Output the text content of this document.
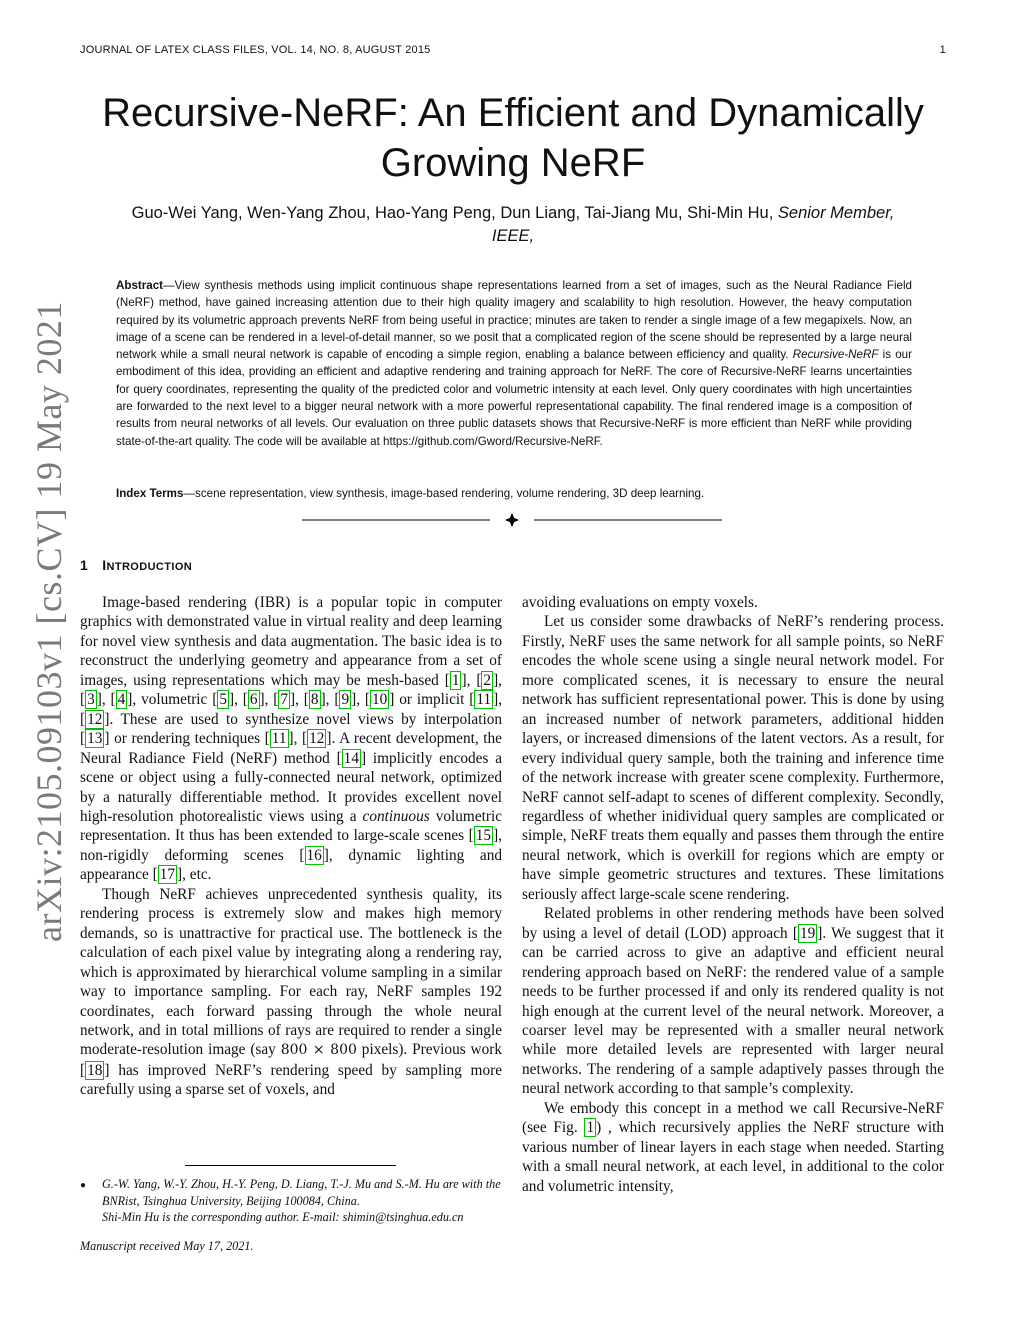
JOURNAL OF LATEX CLASS FILES, VOL. 14, NO. 8, AUGUST 2015	1
arXiv:2105.09103v1 [cs.CV] 19 May 2021
Recursive-NeRF: An Efficient and Dynamically Growing NeRF
Guo-Wei Yang, Wen-Yang Zhou, Hao-Yang Peng, Dun Liang, Tai-Jiang Mu, Shi-Min Hu, Senior Member, IEEE,
Abstract—View synthesis methods using implicit continuous shape representations learned from a set of images, such as the Neural Radiance Field (NeRF) method, have gained increasing attention due to their high quality imagery and scalability to high resolution. However, the heavy computation required by its volumetric approach prevents NeRF from being useful in practice; minutes are taken to render a single image of a few megapixels. Now, an image of a scene can be rendered in a level-of-detail manner, so we posit that a complicated region of the scene should be represented by a large neural network while a small neural network is capable of encoding a simple region, enabling a balance between efficiency and quality. Recursive-NeRF is our embodiment of this idea, providing an efficient and adaptive rendering and training approach for NeRF. The core of Recursive-NeRF learns uncertainties for query coordinates, representing the quality of the predicted color and volumetric intensity at each level. Only query coordinates with high uncertainties are forwarded to the next level to a bigger neural network with a more powerful representational capability. The final rendered image is a composition of results from neural networks of all levels. Our evaluation on three public datasets shows that Recursive-NeRF is more efficient than NeRF while providing state-of-the-art quality. The code will be available at https://github.com/Gword/Recursive-NeRF.
Index Terms—scene representation, view synthesis, image-based rendering, volume rendering, 3D deep learning.
1 INTRODUCTION

Image-based rendering (IBR) is a popular topic in computer graphics with demonstrated value in virtual reality and deep learning for novel view synthesis and data augmentation. The basic idea is to reconstruct the underlying geometry and appearance from a set of images, using representations which may be mesh-based [ 1 ], [ 2 ], [ 3 ], [ 4 ], volumetric [ 5 ], [ 6 ], [ 7 ], [ 8 ], [ 9 ], [ 10 ] or implicit [ 11 ], [ 12 ]. These are used to synthesize novel views by interpolation [ 13 ] or rendering techniques [ 11 ], [ 12 ]. A recent development, the Neural Radiance Field (NeRF) method [ 14 ] implicitly encodes a scene or object using a fully-connected neural network, optimized by a naturally differentiable method. It provides excellent novel high-resolution photorealistic views using a continuous volumetric representation. It thus has been extended to large-scale scenes [ 15 ], non-rigidly deforming scenes [ 16 ], dynamic lighting and appearance [ 17 ], etc.

Though NeRF achieves unprecedented synthesis quality, its rendering process is extremely slow and makes high memory demands, so is unattractive for practical use. The bottleneck is the calculation of each pixel value by integrating along a rendering ray, which is approximated by hierarchical volume sampling in a similar way to importance sampling. For each ray, NeRF samples 192 coordinates, each forward passing through the whole neural network, and in total millions of rays are required to render a single moderate-resolution image (say 800 × 800 pixels). Previous work [ 18 ] has improved NeRF’s rendering speed by sampling more carefully using a sparse set of voxels, and

avoiding evaluations on empty voxels.

Let us consider some drawbacks of NeRF’s rendering process. Firstly, NeRF uses the same network for all sample points, so NeRF encodes the whole scene using a single neural network model. For more complicated scenes, it is necessary to ensure the neural network has sufficient representational power. This is done by using an increased number of network parameters, additional hidden layers, or increased dimensions of the latent vectors. As a result, for every individual query sample, both the training and inference time of the network increase with greater scene complexity. Furthermore, NeRF cannot self-adapt to scenes of different complexity. Secondly, regardless of whether inidividual query samples are complicated or simple, NeRF treats them equally and passes them through the entire neural network, which is overkill for regions which are empty or have simple geometric structures and textures. These limitations seriously affect large-scale scene rendering.

Related problems in other rendering methods have been solved by using a level of detail (LOD) approach [ 19 ]. We suggest that it can be carried across to give an adaptive and efficient neural rendering approach based on NeRF: the rendered value of a sample needs to be further processed if and only its rendered quality is not high enough at the current level of the neural network. Moreover, a coarser level may be represented with a smaller neural network while more detailed levels are represented with larger neural networks. The rendering of a sample adaptively passes through the neural network according to that sample’s complexity.

We embody this concept in a method we call Recursive-NeRF (see Fig. 1 ) , which recursively applies the NeRF structure with various number of linear layers in each stage when needed. Starting with a small neural network, at each level, in additional to the color and volumetric intensity,

● G.-W. Yang, W.-Y. Zhou, H.-Y. Peng, D. Liang, T.-J. Mu and S.-M. Hu are with the BNRist, Tsinghua University, Beijing 100084, China.
Shi-Min Hu is the corresponding author. E-mail: shimin@tsinghua.edu.cn
Manuscript received May 17, 2021.
